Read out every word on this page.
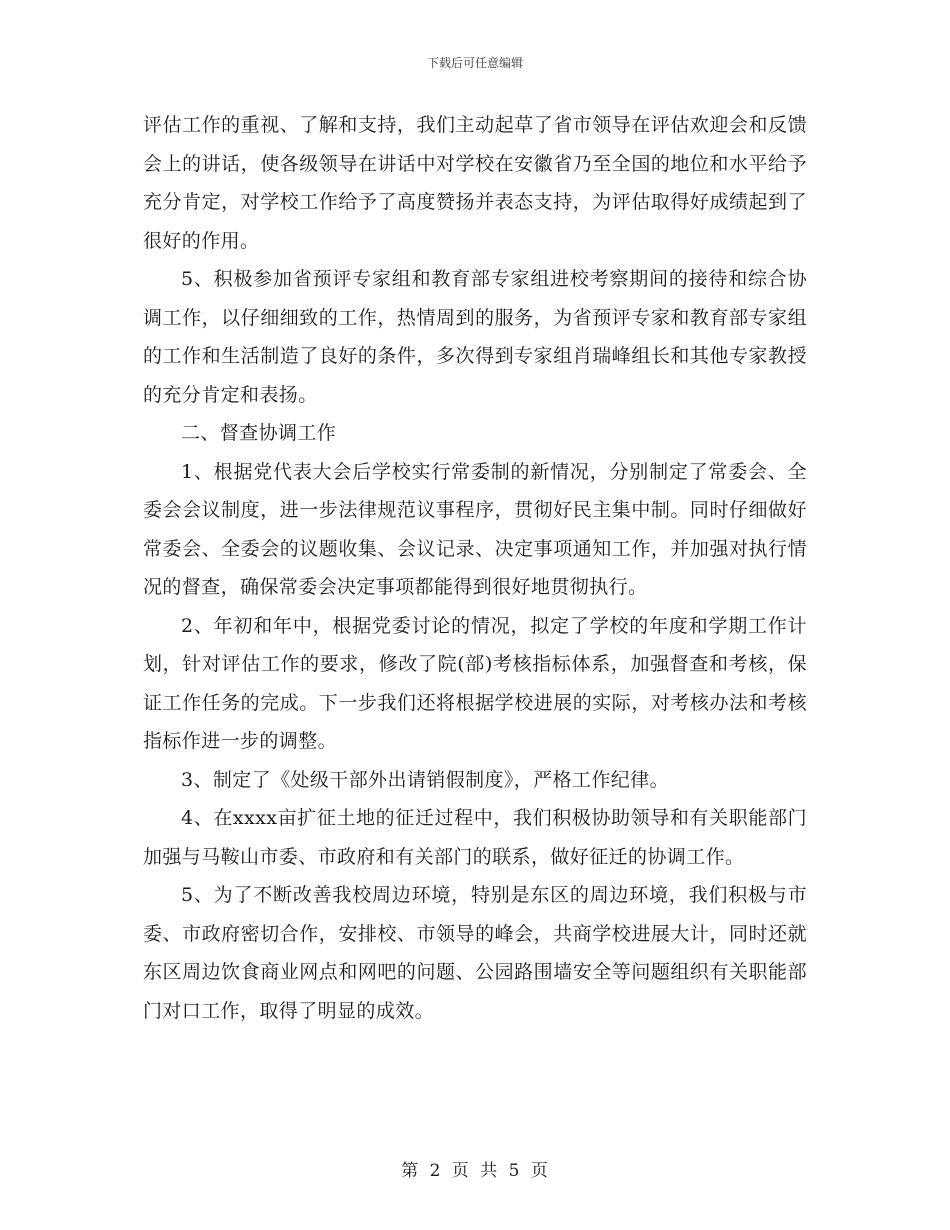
下载后可任意编辑

评估工作的重视、了解和支持，我们主动起草了省市领导在评估欢迎会和反馈会上的讲话，使各级领导在讲话中对学校在安徽省乃至全国的地位和水平给予充分肯定，对学校工作给予了高度赞扬并表态支持，为评估取得好成绩起到了很好的作用。

5、积极参加省预评专家组和教育部专家组进校考察期间的接待和综合协调工作，以仔细细致的工作，热情周到的服务，为省预评专家和教育部专家组的工作和生活制造了良好的条件，多次得到专家组肖瑞峰组长和其他专家教授的充分肯定和表扬。

二、督查协调工作

1、根据党代表大会后学校实行常委制的新情况，分别制定了常委会、全委会会议制度，进一步法律规范议事程序，贯彻好民主集中制。同时仔细做好常委会、全委会的议题收集、会议记录、决定事项通知工作，并加强对执行情况的督查，确保常委会决定事项都能得到很好地贯彻执行。

2、年初和年中，根据党委讨论的情况，拟定了学校的年度和学期工作计划，针对评估工作的要求，修改了院(部)考核指标体系，加强督查和考核，保证工作任务的完成。下一步我们还将根据学校进展的实际，对考核办法和考核指标作进一步的调整。

3、制定了《处级干部外出请销假制度》，严格工作纪律。

4、在xxxx亩扩征土地的征迁过程中，我们积极协助领导和有关职能部门加强与马鞍山市委、市政府和有关部门的联系，做好征迁的协调工作。

5、为了不断改善我校周边环境，特别是东区的周边环境，我们积极与市委、市政府密切合作，安排校、市领导的峰会，共商学校进展大计，同时还就东区周边饮食商业网点和网吧的问题、公园路围墙安全等问题组织有关职能部门对口工作，取得了明显的成效。

第 2 页 共 5 页
